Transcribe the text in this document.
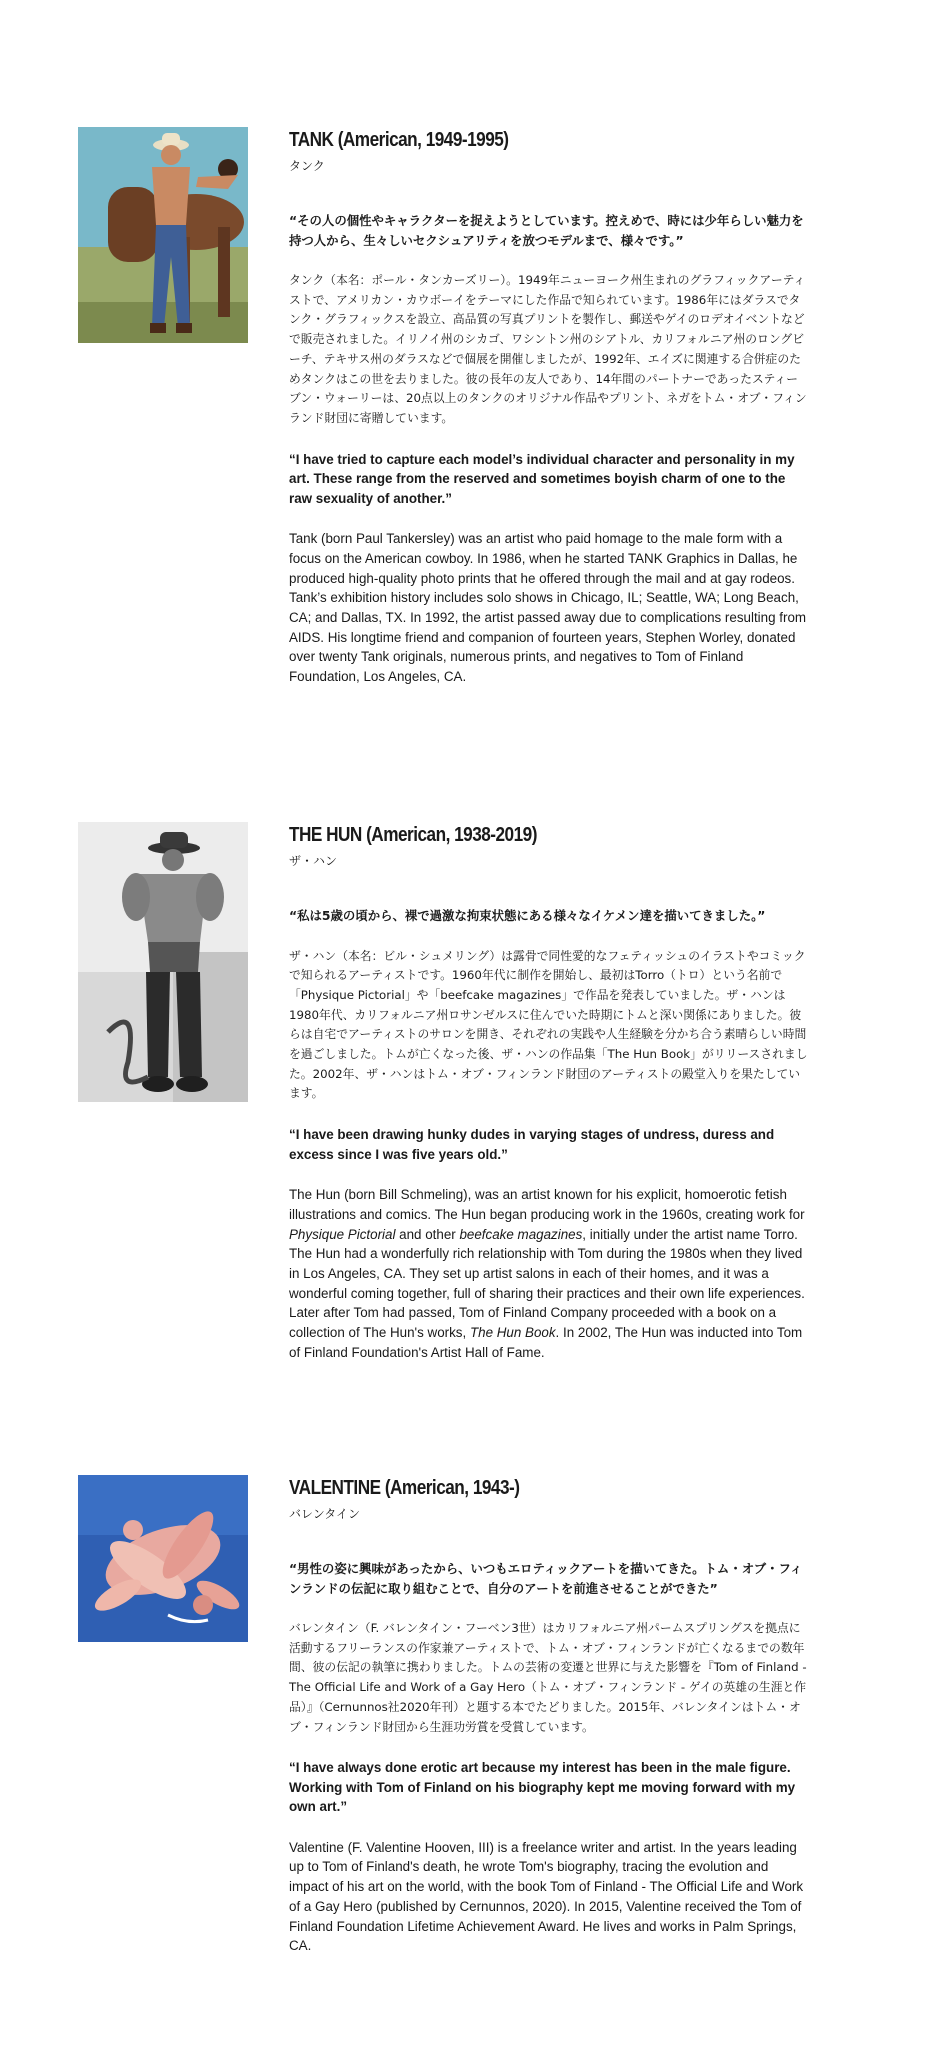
TANK (American, 1949-1995)

タンク

“その人の個性やキャラクターを捉えようとしています。控えめで、時には少年らしい魅力を持つ人から、生々しいセクシュアリティを放つモデルまで、様々です。”

タンク（本名：ポール・タンカーズリー）。1949年ニューヨーク州生まれのグラフィックアーティストで、アメリカン・カウボーイをテーマにした作品で知られています。1986年にはダラスでタンク・グラフィックスを設立、高品質の写真プリントを製作し、郵送やゲイのロデオイベントなどで販売されました。イリノイ州のシカゴ、ワシントン州のシアトル、カリフォルニア州のロングビーチ、テキサス州のダラスなどで個展を開催しましたが、1992年、エイズに関連する合併症のためタンクはこの世を去りました。彼の長年の友人であり、14年間のパートナーであったスティーブン・ウォーリーは、20点以上のタンクのオリジナル作品やプリント、ネガをトム・オブ・フィンランド財団に寄贈しています。

“I have tried to capture each model’s individual character and personality in my art. These range from the reserved and sometimes boyish charm of one to the raw sexuality of another.”

Tank (born Paul Tankersley) was an artist who paid homage to the male form with a focus on the American cowboy. In 1986, when he started TANK Graphics in Dallas, he produced high-quality photo prints that he offered through the mail and at gay rodeos. Tank’s exhibition history includes solo shows in Chicago, IL; Seattle, WA; Long Beach, CA; and Dallas, TX. In 1992, the artist passed away due to complications resulting from AIDS. His longtime friend and companion of fourteen years, Stephen Worley, donated over twenty Tank originals, numerous prints, and negatives to Tom of Finland Foundation, Los Angeles, CA.

THE HUN (American, 1938-2019)

ザ・ハン

“私は5歳の頃から、裸で過激な拘束状態にある様々なイケメン達を描いてきました。”

ザ・ハン（本名：ビル・シュメリング）は露骨で同性愛的なフェティッシュのイラストやコミックで知られるアーティストです。1960年代に制作を開始し、最初はTorro（トロ）という名前で「Physique Pictorial」や「beefcake magazines」で作品を発表していました。ザ・ハンは1980年代、カリフォルニア州ロサンゼルスに住んでいた時期にトムと深い関係にありました。彼らは自宅でアーティストのサロンを開き、それぞれの実践や人生経験を分かち合う素晴らしい時間を過ごしました。トムが亡くなった後、ザ・ハンの作品集「The Hun Book」がリリースされました。2002年、ザ・ハンはトム・オブ・フィンランド財団のアーティストの殿堂入りを果たしています。

“I have been drawing hunky dudes in varying stages of undress, duress and excess since I was five years old.”

The Hun (born Bill Schmeling), was an artist known for his explicit, homoerotic fetish illustrations and comics. The Hun began producing work in the 1960s, creating work for Physique Pictorial and other beefcake magazines, initially under the artist name Torro. The Hun had a wonderfully rich relationship with Tom during the 1980s when they lived in Los Angeles, CA. They set up artist salons in each of their homes, and it was a wonderful coming together, full of sharing their practices and their own life experiences. Later after Tom had passed, Tom of Finland Company proceeded with a book on a collection of The Hun's works, The Hun Book. In 2002, The Hun was inducted into Tom of Finland Foundation's Artist Hall of Fame.

VALENTINE (American, 1943-)

バレンタイン

“男性の姿に興味があったから、いつもエロティックアートを描いてきた。トム・オブ・フィンランドの伝記に取り組むことで、自分のアートを前進させることができた”

バレンタイン（F. バレンタイン・フーベン3世）はカリフォルニア州パームスプリングスを拠点に活動するフリーランスの作家兼アーティストで、トム・オブ・フィンランドが亡くなるまでの数年間、彼の伝記の執筆に携わりました。トムの芸術の変遷と世界に与えた影響を『Tom of Finland - The Official Life and Work of a Gay Hero（トム・オブ・フィンランド - ゲイの英雄の生涯と作品）』（Cernunnos社2020年刊）と題する本でたどりました。2015年、バレンタインはトム・オブ・フィンランド財団から生涯功労賞を受賞しています。

“I have always done erotic art because my interest has been in the male figure. Working with Tom of Finland on his biography kept me moving forward with my own art.”

Valentine (F. Valentine Hooven, III) is a freelance writer and artist. In the years leading up to Tom of Finland's death, he wrote Tom's biography, tracing the evolution and impact of his art on the world, with the book Tom of Finland - The Official Life and Work of a Gay Hero (published by Cernunnos, 2020). In 2015, Valentine received the Tom of Finland Foundation Lifetime Achievement Award. He lives and works in Palm Springs, CA.
